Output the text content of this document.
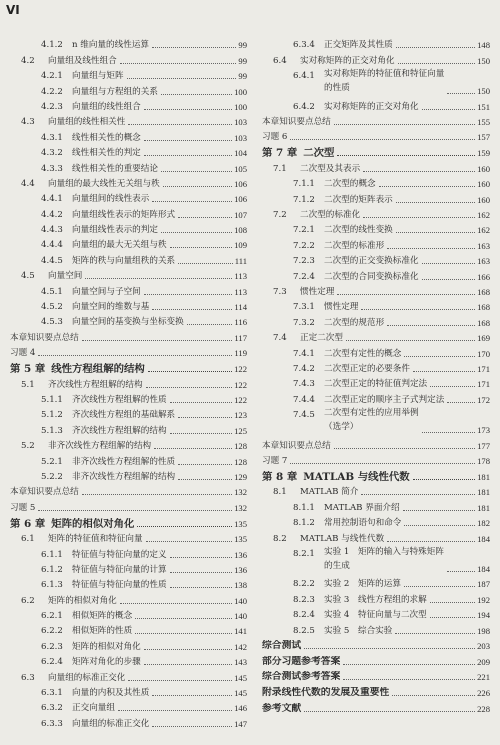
VI
4.1.2	n 维向量的线性运算	99
4.2	向量组及线性组合	99
4.2.1	向量组与矩阵	99
4.2.2	向量组与方程组的关系	100
4.2.3	向量组的线性组合	100
4.3	向量组的线性相关性	103
4.3.1	线性相关性的概念	103
4.3.2	线性相关性的判定	104
4.3.3	线性相关性的重要结论	105
4.4	向量组的最大线性无关组与秩	106
4.4.1	向量组间的线性表示	106
4.4.2	向量组线性表示的矩阵形式	107
4.4.3	向量组线性表示的判定	108
4.4.4	向量组的最大无关组与秩	109
4.4.5	矩阵的秩与向量组秩的关系	111
4.5	向量空间	113
4.5.1	向量空间与子空间	113
4.5.2	向量空间的维数与基	114
4.5.3	向量空间的基变换与坐标变换	116
本章知识要点总结	117
习题 4	119
第 5 章 线性方程组解的结构	122
5.1	齐次线性方程组解的结构	122
5.1.1	齐次线性方程组解的性质	122
5.1.2	齐次线性方程组的基础解系	123
5.1.3	齐次线性方程组解的结构	125
5.2	非齐次线性方程组解的结构	128
5.2.1	非齐次线性方程组解的性质	128
5.2.2	非齐次线性方程组解的结构	129
本章知识要点总结	132
习题 5	132
第 6 章 矩阵的相似对角化	135
6.1	矩阵的特征值和特征向量	135
6.1.1	特征值与特征向量的定义	136
6.1.2	特征值与特征向量的计算	136
6.1.3	特征值与特征向量的性质	138
6.2	矩阵的相似对角化	140
6.2.1	相似矩阵的概念	140
6.2.2	相似矩阵的性质	141
6.2.3	矩阵的相似对角化	142
6.2.4	矩阵对角化的步骤	143
6.3	向量组的标准正交化	145
6.3.1	向量的内积及其性质	145
6.3.2	正交向量组	146
6.3.3	向量组的标准正交化	147
6.3.4	正交矩阵及其性质	148
6.4	实对称矩阵的正交对角化	150
6.4.1	实对称矩阵的特征值和特征向量
的性质	150
6.4.2	实对称矩阵的正交对角化	151
本章知识要点总结	155
习题 6	157
第 7 章 二次型	159
7.1	二次型及其表示	160
7.1.1	二次型的概念	160
7.1.2	二次型的矩阵表示	160
7.2	二次型的标准化	162
7.2.1	二次型的线性变换	162
7.2.2	二次型的标准形	163
7.2.3	二次型的正交变换标准化	163
7.2.4	二次型的合同变换标准化	166
7.3	惯性定理	168
7.3.1	惯性定理	168
7.3.2	二次型的规范形	168
7.4	正定二次型	169
7.4.1	二次型有定性的概念	170
7.4.2	二次型正定的必要条件	171
7.4.3	二次型正定的特征值判定法	171
7.4.4	二次型正定的顺序主子式判定法	172
7.4.5	二次型有定性的应用举例
（选学）	173
本章知识要点总结	177
习题 7	178
第 8 章 MATLAB 与线性代数	181
8.1	MATLAB 简介	181
8.1.1	MATLAB 界面介绍	181
8.1.2	常用控制语句和命令	182
8.2	MATLAB 与线性代数	184
8.2.1	实验 1　矩阵的输入与特殊矩阵
的生成	184
8.2.2	实验 2　矩阵的运算	187
8.2.3	实验 3　线性方程组的求解	192
8.2.4	实验 4　特征向量与二次型	194
8.2.5	实验 5　综合实验	198
综合测试	203
部分习题参考答案	209
综合测试参考答案	221
附录 线性代数的发展及重要性	226
参考文献	228
